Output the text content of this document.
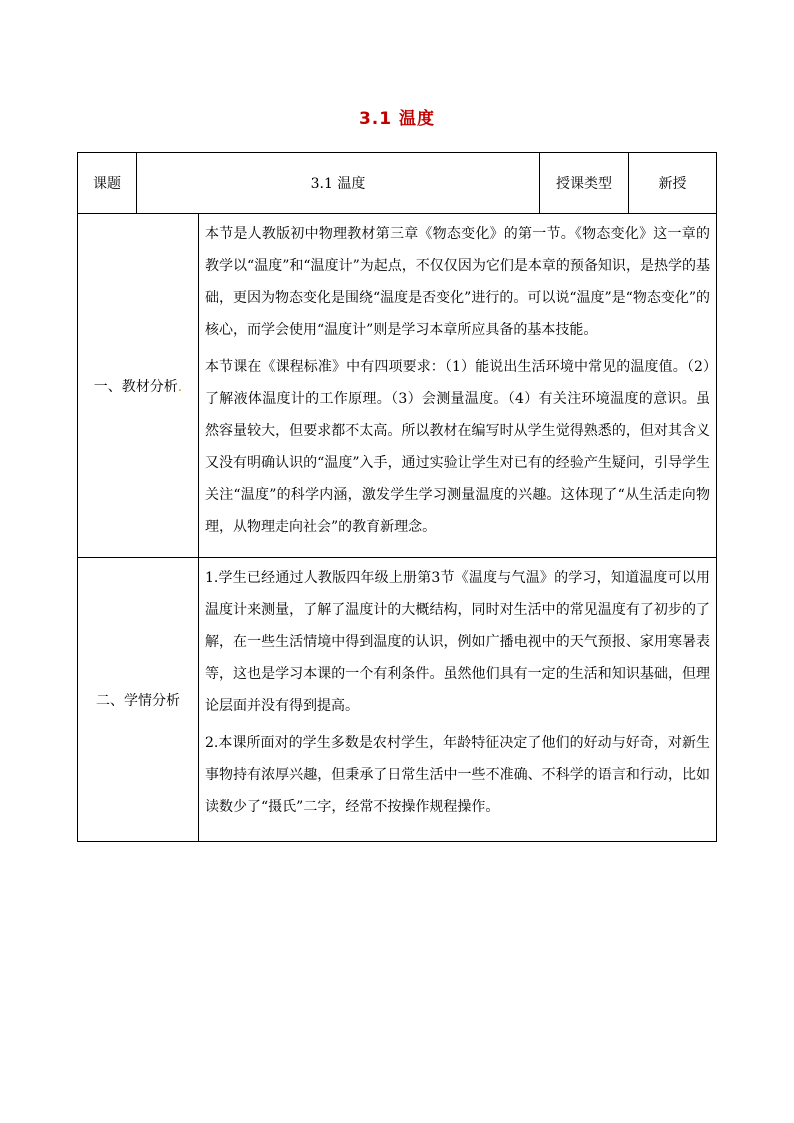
3.1 温度
课题	3.1 温度		授课类型	新授
一、教材分析.		本节是人教版初中物理教材第三章《物态变化》的第一节。《物态变化》这一章的教学以“温度”和“温度计”为起点，不仅仅因为它们是本章的预备知识，是热学的基础，更因为物态变化是围绕“温度是否变化”进行的。可以说“温度”是“物态变化”的核心，而学会使用“温度计”则是学习本章所应具备的基本技能。

本节课在《课程标准》中有四项要求：（1）能说出生活环境中常见的温度值。（2）了解液体温度计的工作原理。（3）会测量温度。（4）有关注环境温度的意识。虽然容量较大，但要求都不太高。所以教材在编写时从学生觉得熟悉的，但对其含义又没有明确认识的“温度”入手，通过实验让学生对已有的经验产生疑问，引导学生关注“温度”的科学内涵，激发学生学习测量温度的兴趣。这体现了“从生活走向物理，从物理走向社会”的教育新理念。		

二、学情分析		1.学生已经通过人教版四年级上册第3节《温度与气温》的学习，知道温度可以用温度计来测量，了解了温度计的大概结构，同时对生活中的常见温度有了初步的了解，在一些生活情境中得到温度的认识，例如广播电视中的天气预报、家用寒暑表等，这也是学习本课的一个有利条件。虽然他们具有一定的生活和知识基础，但理论层面并没有得到提高。

2.本课所面对的学生多数是农村学生，年龄特征决定了他们的好动与好奇，对新生事物持有浓厚兴趣，但秉承了日常生活中一些不准确、不科学的语言和行动，比如读数少了“摄氏”二字，经常不按操作规程操作。		
